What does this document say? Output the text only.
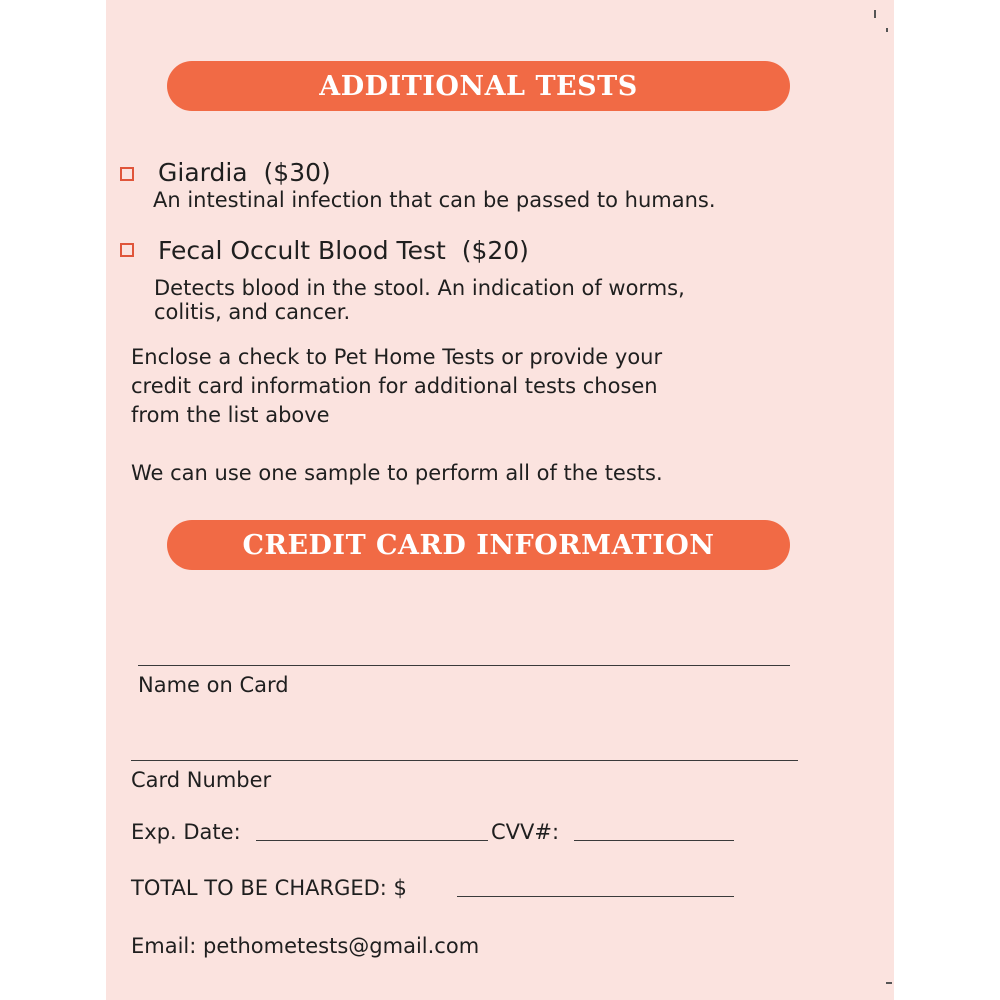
ADDITIONAL TESTS
Giardia ($30)
An intestinal infection that can be passed to humans.
Fecal Occult Blood Test ($20)
Detects blood in the stool. An indication of worms,
colitis, and cancer.
Enclose a check to Pet Home Tests or provide your
credit card information for additional tests chosen
from the list above
We can use one sample to perform all of the tests.
CREDIT CARD INFORMATION
Name on Card
Card Number
Exp. Date:	CVV#:
TOTAL TO BE CHARGED: $
Email: pethometests@gmail.com
